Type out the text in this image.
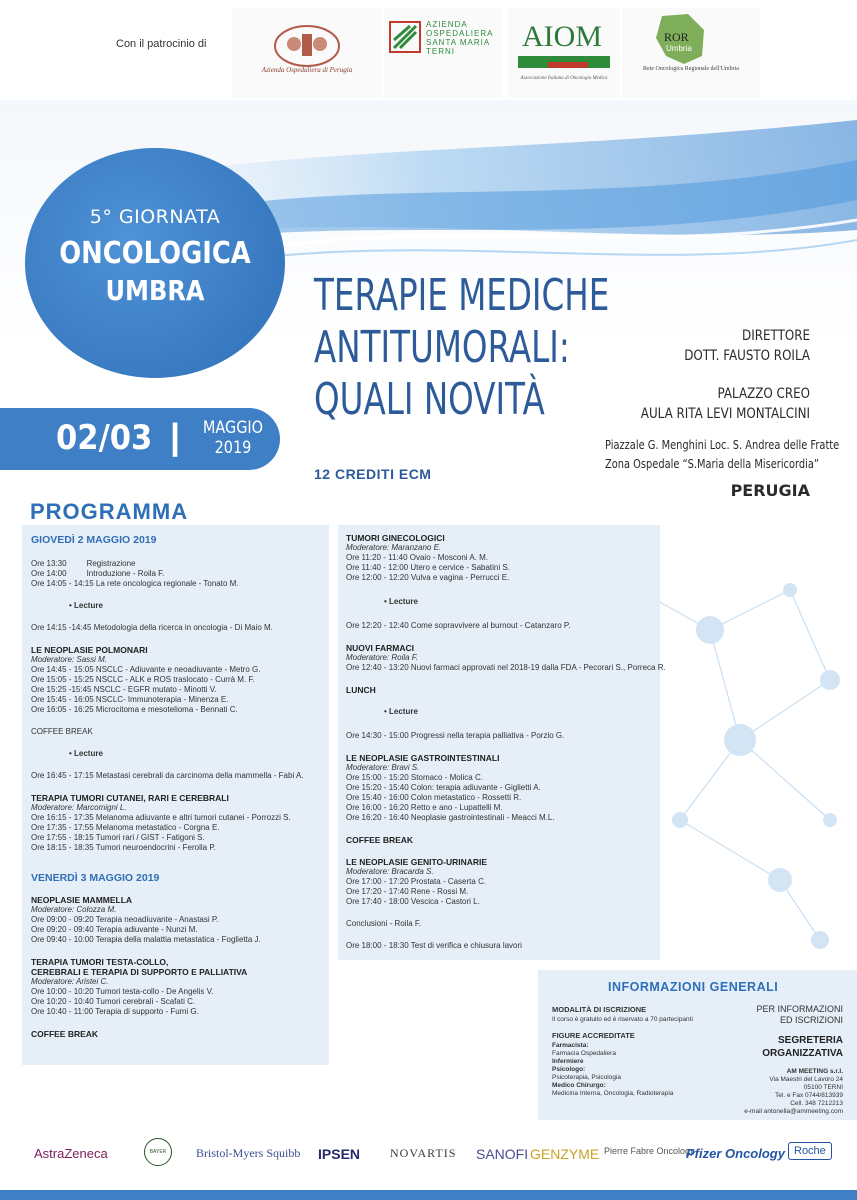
Con il patrocinio di
Azienda Ospedaliera di Perugia
AZIENDA
OSPEDALIERA
SANTA MARIA
TERNI	AIOM
Associazione Italiana di Oncologia Medica
ROR
Umbria
Rete Oncologica Regionale dell'Umbria
5° GIORNATA
ONCOLOGICA
UMBRA
02/03 | MAGGIO
2019
TERAPIE MEDICHE
ANTITUMORALI:
QUALI NOVITÀ
12 CREDITI ECM
DIRETTORE
DOTT. FAUSTO ROILA
PALAZZO CREO
AULA RITA LEVI MONTALCINI
Piazzale G. Menghini Loc. S. Andrea delle Fratte
Zona Ospedale “S.Maria della Misericordia”
PERUGIA
PROGRAMMA
GIOVEDÌ 2 MAGGIO 2019
Ore 13:30         Registrazione
Ore 14:00         Introduzione - Roila F.
Ore 14:05 - 14:15 La rete oncologica regionale - Tonato M.
• Lecture
Ore 14:15 -14:45 Metodologia della ricerca in oncologia - Di Maio M.
LE NEOPLASIE POLMONARI
Moderatore: Sassi M.
Ore 14:45 - 15:05 NSCLC - Adiuvante e neoadiuvante - Metro G.
Ore 15:05 - 15:25 NSCLC - ALK e ROS traslocato - Currà M. F.
Ore 15:25 -15:45 NSCLC - EGFR mutato - Minotti V.
Ore 15:45 - 16:05 NSCLC- Immunoterapia - Minenza E.
Ore 16:05 - 16:25 Microcitoma e mesotelioma - Bennati C.
COFFEE BREAK
• Lecture
Ore 16:45 - 17:15 Metastasi cerebrali da carcinoma della mammella - Fabi A.
TERAPIA TUMORI CUTANEI, RARI E CEREBRALI
Moderatore: Marcomigni L.
Ore 16:15 - 17:35 Melanoma adiuvante e altri tumori cutanei - Porrozzi S.
Ore 17:35 - 17:55 Melanoma metastatico - Corgna E.
Ore 17:55 - 18:15 Tumori rari / GIST - Fatigoni S.
Ore 18:15 - 18:35 Tumori neuroendocrini - Ferolla P.
VENERDÌ 3 MAGGIO 2019
NEOPLASIE MAMMELLA
Moderatore: Colozza M.
Ore 09:00 - 09:20 Terapia neoadiuvante - Anastasi P.
Ore 09:20 - 09:40 Terapia adiuvante - Nunzi M.
Ore 09:40 - 10:00 Terapia della malattia metastatica - Foglietta J.
TERAPIA TUMORI TESTA-COLLO,
CEREBRALI E TERAPIA DI SUPPORTO E PALLIATIVA
Moderatore: Aristei C.
Ore 10:00 - 10:20 Tumori testa-collo - De Angelis V.
Ore 10:20 - 10:40 Tumori cerebrali - Scafati C.
Ore 10:40 - 11:00 Terapia di supporto - Fumi G.
COFFEE BREAK
TUMORI GINECOLOGICI
Moderatore: Maranzano E.
Ore 11:20 - 11:40 Ovaio - Mosconi A. M.
Ore 11:40 - 12:00 Utero e cervice - Sabatini S.
Ore 12:00 - 12:20 Vulva e vagina - Perrucci E.
• Lecture
Ore 12:20 - 12:40 Come sopravvivere al burnout - Catanzaro P.
NUOVI FARMACI
Moderatore: Roila F.
Ore 12:40 - 13:20 Nuovi farmaci approvati nel 2018-19 dalla FDA - Pecorari S., Porreca R.
LUNCH
• Lecture
Ore 14:30 - 15:00 Progressi nella terapia palliativa - Porzio G.
LE NEOPLASIE GASTROINTESTINALI
Moderatore: Bravi S.
Ore 15:00 - 15:20 Stomaco - Molica C.
Ore 15:20 - 15:40 Colon: terapia adiuvante - Giglietti A.
Ore 15:40 - 16:00 Colon metastatico - Rossetti R.
Ore 16:00 - 16:20 Retto e ano - Lupattelli M.
Ore 16:20 - 16:40 Neoplasie gastrointestinali - Meacci M.L.
COFFEE BREAK
LE NEOPLASIE GENITO-URINARIE
Moderatore: Bracarda S.
Ore 17:00 - 17:20 Prostata - Caserta C.
Ore 17:20 - 17:40 Rene - Rossi M.
Ore 17:40 - 18:00 Vescica - Castori L.
Conclusioni - Roila F.
Ore 18:00 - 18:30 Test di verifica e chiusura lavori
INFORMAZIONI GENERALI
MODALITÀ DI ISCRIZIONE
Il corso è gratuito ed è riservato a 70 partecipanti
FIGURE ACCREDITATE
Farmacista:
Farmacia Ospedaliera
Infermiere
Psicologo:
Psicoterapia, Psicologia
Medico Chirurgo:
Medicina Interna, Oncologia, Radioterapia
PER INFORMAZIONI
ED ISCRIZIONI
SEGRETERIA
ORGANIZZATIVA
AM MEETING s.r.l.
Via Maestri del Lavoro 24
05100 TERNI
Tel. e Fax 0744/813939
Cell. 348 7212213
e-mail antonella@ammeeting.com
AstraZeneca	BAYER	Bristol-Myers Squibb IPSEN NOVARTIS SANOFI GENZYME Pierre Fabre Oncology
Pfizer Oncology Roche
